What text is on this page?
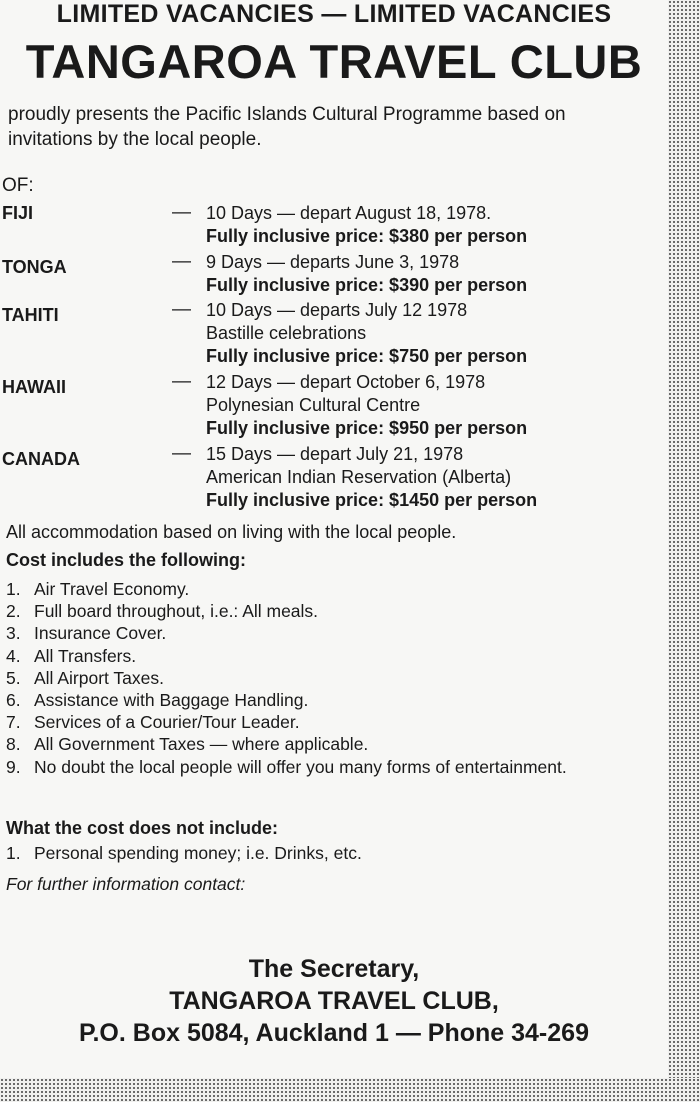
LIMITED VACANCIES — LIMITED VACANCIES
TANGAROA TRAVEL CLUB
proudly presents the Pacific Islands Cultural Programme based on invitations by the local people.
OF:
FIJI	— 10 Days — depart August 18, 1978.
Fully inclusive price: $380 per person
TONGA	— 9 Days — departs June 3, 1978
Fully inclusive price: $390 per person
TAHITI	— 10 Days — departs July 12 1978
Bastille celebrations
Fully inclusive price: $750 per person
HAWAII	— 12 Days — depart October 6, 1978
Polynesian Cultural Centre
Fully inclusive price: $950 per person
CANADA	— 15 Days — depart July 21, 1978
American Indian Reservation (Alberta)
Fully inclusive price: $1450 per person
All accommodation based on living with the local people.
Cost includes the following:
1. Air Travel Economy.
2. Full board throughout, i.e.: All meals.
3. Insurance Cover.
4. All Transfers.
5. All Airport Taxes.
6. Assistance with Baggage Handling.
7. Services of a Courier/Tour Leader.
8. All Government Taxes — where applicable.
9. No doubt the local people will offer you many forms of entertainment.
What the cost does not include:
1. Personal spending money; i.e. Drinks, etc.
For further information contact:
The Secretary,
TANGAROA TRAVEL CLUB,
P.O. Box 5084, Auckland 1 — Phone 34-269
